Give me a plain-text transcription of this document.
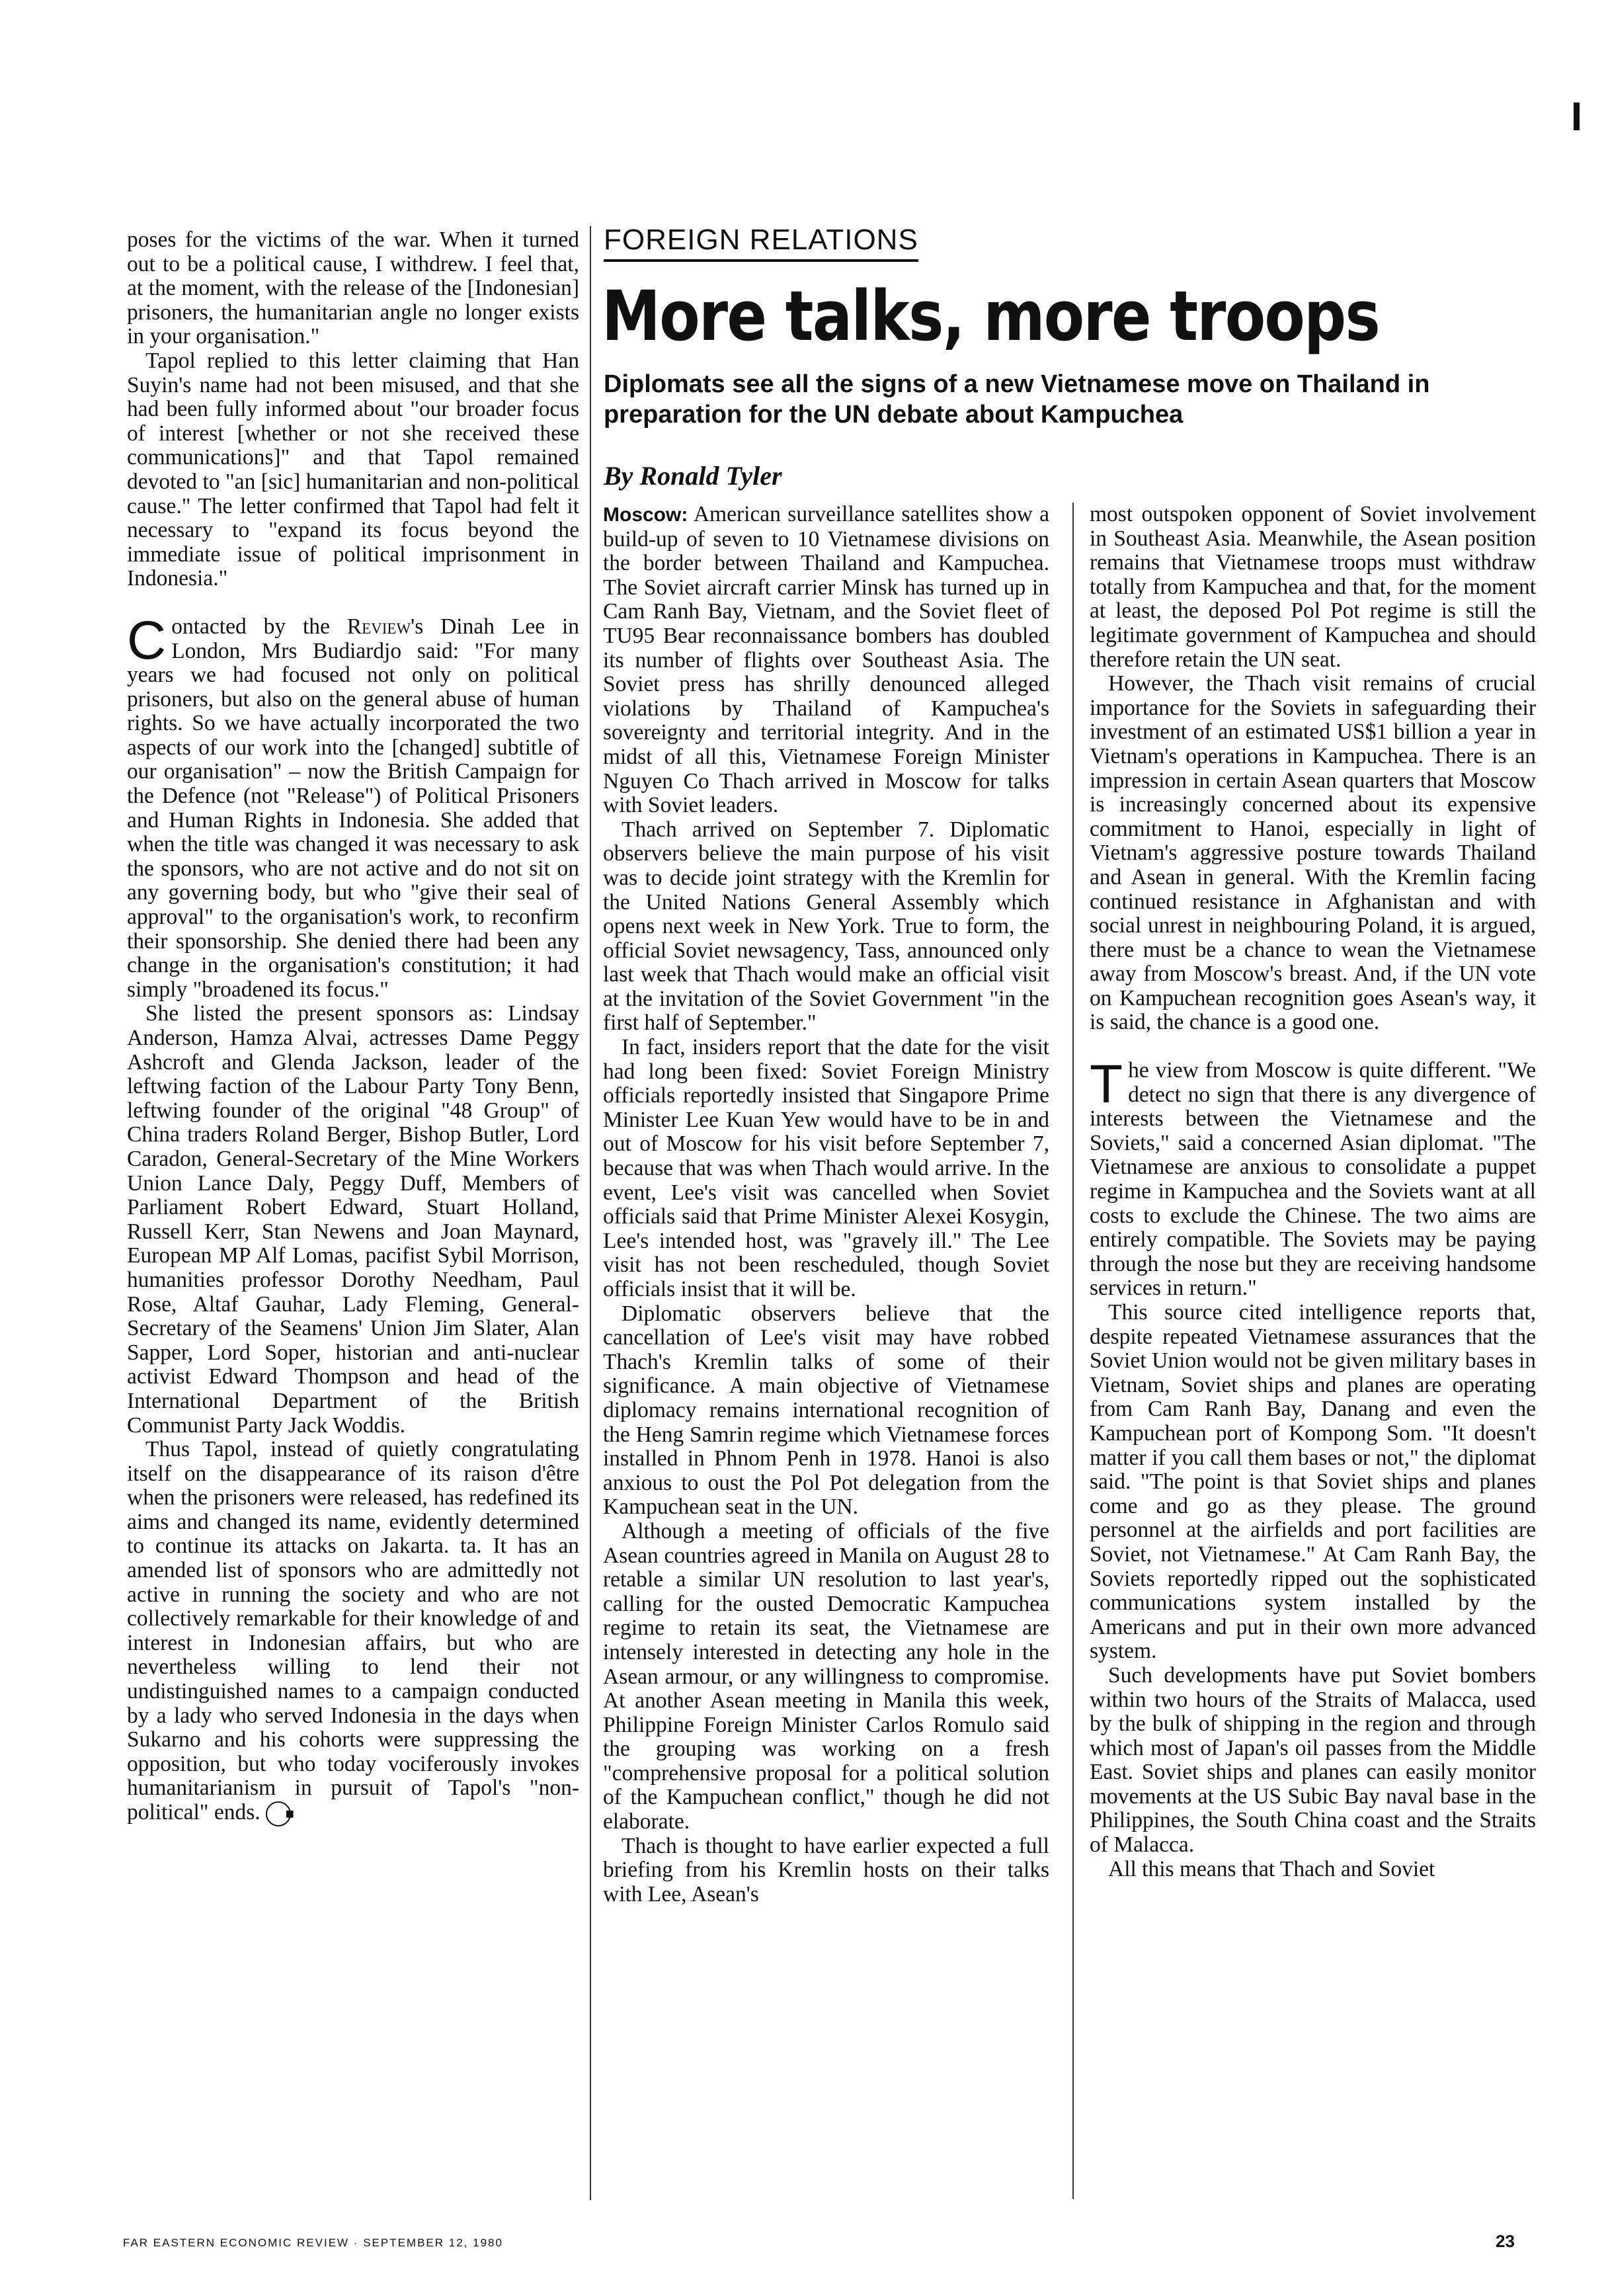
poses for the victims of the war. When it turned out to be a political cause, I withdrew. I feel that, at the moment, with the release of the [Indonesian] prisoners, the humanitarian angle no longer exists in your organisation."

Tapol replied to this letter claiming that Han Suyin's name had not been misused, and that she had been fully informed about "our broader focus of interest [whether or not she received these communications]" and that Tapol remained devoted to "an [sic] humanitarian and non-political cause." The letter confirmed that Tapol had felt it necessary to "expand its focus beyond the immediate issue of political imprisonment in Indonesia."

Contacted by the Review's Dinah Lee in London, Mrs Budiardjo said: "For many years we had focused not only on political prisoners, but also on the general abuse of human rights. So we have actually incorporated the two aspects of our work into the [changed] subtitle of our organisation" – now the British Campaign for the Defence (not "Release") of Political Prisoners and Human Rights in Indonesia. She added that when the title was changed it was necessary to ask the sponsors, who are not active and do not sit on any governing body, but who "give their seal of approval" to the organisation's work, to reconfirm their sponsorship. She denied there had been any change in the organisation's constitution; it had simply "broadened its focus."

She listed the present sponsors as: Lindsay Anderson, Hamza Alvai, actresses Dame Peggy Ashcroft and Glenda Jackson, leader of the leftwing faction of the Labour Party Tony Benn, leftwing founder of the original "48 Group" of China traders Roland Berger, Bishop Butler, Lord Caradon, General-Secretary of the Mine Workers Union Lance Daly, Peggy Duff, Members of Parliament Robert Edward, Stuart Holland, Russell Kerr, Stan Newens and Joan Maynard, European MP Alf Lomas, pacifist Sybil Morrison, humanities professor Dorothy Needham, Paul Rose, Altaf Gauhar, Lady Fleming, General-Secretary of the Seamens' Union Jim Slater, Alan Sapper, Lord Soper, historian and anti-nuclear activist Edward Thompson and head of the International Department of the British Communist Party Jack Woddis.

Thus Tapol, instead of quietly congratulating itself on the disappearance of its raison d'être when the prisoners were released, has redefined its aims and changed its name, evidently determined to continue its attacks on Jakarta. ta. It has an amended list of sponsors who are admittedly not active in running the society and who are not collectively remarkable for their knowledge of and interest in Indonesian affairs, but who are nevertheless willing to lend their not undistinguished names to a campaign conducted by a lady who served Indonesia in the days when Sukarno and his cohorts were suppressing the opposition, but who today vociferously invokes humanitarianism in pursuit of Tapol's "non-political" ends. ■

FOREIGN RELATIONS
More talks, more troops
Diplomats see all the signs of a new Vietnamese move on Thailand in preparation for the UN debate about Kampuchea
By Ronald Tyler

Moscow: American surveillance satellites show a build-up of seven to 10 Vietnamese divisions on the border between Thailand and Kampuchea. The Soviet aircraft carrier Minsk has turned up in Cam Ranh Bay, Vietnam, and the Soviet fleet of TU95 Bear reconnaissance bombers has doubled its number of flights over Southeast Asia. The Soviet press has shrilly denounced alleged violations by Thailand of Kampuchea's sovereignty and territorial integrity. And in the midst of all this, Vietnamese Foreign Minister Nguyen Co Thach arrived in Moscow for talks with Soviet leaders.

Thach arrived on September 7. Diplomatic observers believe the main purpose of his visit was to decide joint strategy with the Kremlin for the United Nations General Assembly which opens next week in New York. True to form, the official Soviet newsagency, Tass, announced only last week that Thach would make an official visit at the invitation of the Soviet Government "in the first half of September."

In fact, insiders report that the date for the visit had long been fixed: Soviet Foreign Ministry officials reportedly insisted that Singapore Prime Minister Lee Kuan Yew would have to be in and out of Moscow for his visit before September 7, because that was when Thach would arrive. In the event, Lee's visit was cancelled when Soviet officials said that Prime Minister Alexei Kosygin, Lee's intended host, was "gravely ill." The Lee visit has not been rescheduled, though Soviet officials insist that it will be.

Diplomatic observers believe that the cancellation of Lee's visit may have robbed Thach's Kremlin talks of some of their significance. A main objective of Vietnamese diplomacy remains international recognition of the Heng Samrin regime which Vietnamese forces installed in Phnom Penh in 1978. Hanoi is also anxious to oust the Pol Pot delegation from the Kampuchean seat in the UN.

Although a meeting of officials of the five Asean countries agreed in Manila on August 28 to retable a similar UN resolution to last year's, calling for the ousted Democratic Kampuchea regime to retain its seat, the Vietnamese are intensely interested in detecting any hole in the Asean armour, or any willingness to compromise. At another Asean meeting in Manila this week, Philippine Foreign Minister Carlos Romulo said the grouping was working on a fresh "comprehensive proposal for a political solution of the Kampuchean conflict," though he did not elaborate.

Thach is thought to have earlier expected a full briefing from his Kremlin hosts on their talks with Lee, Asean's

most outspoken opponent of Soviet involvement in Southeast Asia. Meanwhile, the Asean position remains that Vietnamese troops must withdraw totally from Kampuchea and that, for the moment at least, the deposed Pol Pot regime is still the legitimate government of Kampuchea and should therefore retain the UN seat.

However, the Thach visit remains of crucial importance for the Soviets in safeguarding their investment of an estimated US$1 billion a year in Vietnam's operations in Kampuchea. There is an impression in certain Asean quarters that Moscow is increasingly concerned about its expensive commitment to Hanoi, especially in light of Vietnam's aggressive posture towards Thailand and Asean in general. With the Kremlin facing continued resistance in Afghanistan and with social unrest in neighbouring Poland, it is argued, there must be a chance to wean the Vietnamese away from Moscow's breast. And, if the UN vote on Kampuchean recognition goes Asean's way, it is said, the chance is a good one.

The view from Moscow is quite different. "We detect no sign that there is any divergence of interests between the Vietnamese and the Soviets," said a concerned Asian diplomat. "The Vietnamese are anxious to consolidate a puppet regime in Kampuchea and the Soviets want at all costs to exclude the Chinese. The two aims are entirely compatible. The Soviets may be paying through the nose but they are receiving handsome services in return."

This source cited intelligence reports that, despite repeated Vietnamese assurances that the Soviet Union would not be given military bases in Vietnam, Soviet ships and planes are operating from Cam Ranh Bay, Danang and even the Kampuchean port of Kompong Som. "It doesn't matter if you call them bases or not," the diplomat said. "The point is that Soviet ships and planes come and go as they please. The ground personnel at the airfields and port facilities are Soviet, not Vietnamese." At Cam Ranh Bay, the Soviets reportedly ripped out the sophisticated communications system installed by the Americans and put in their own more advanced system.

Such developments have put Soviet bombers within two hours of the Straits of Malacca, used by the bulk of shipping in the region and through which most of Japan's oil passes from the Middle East. Soviet ships and planes can easily monitor movements at the US Subic Bay naval base in the Philippines, the South China coast and the Straits of Malacca.

All this means that Thach and Soviet

FAR EASTERN ECONOMIC REVIEW · SEPTEMBER 12, 1980	23
